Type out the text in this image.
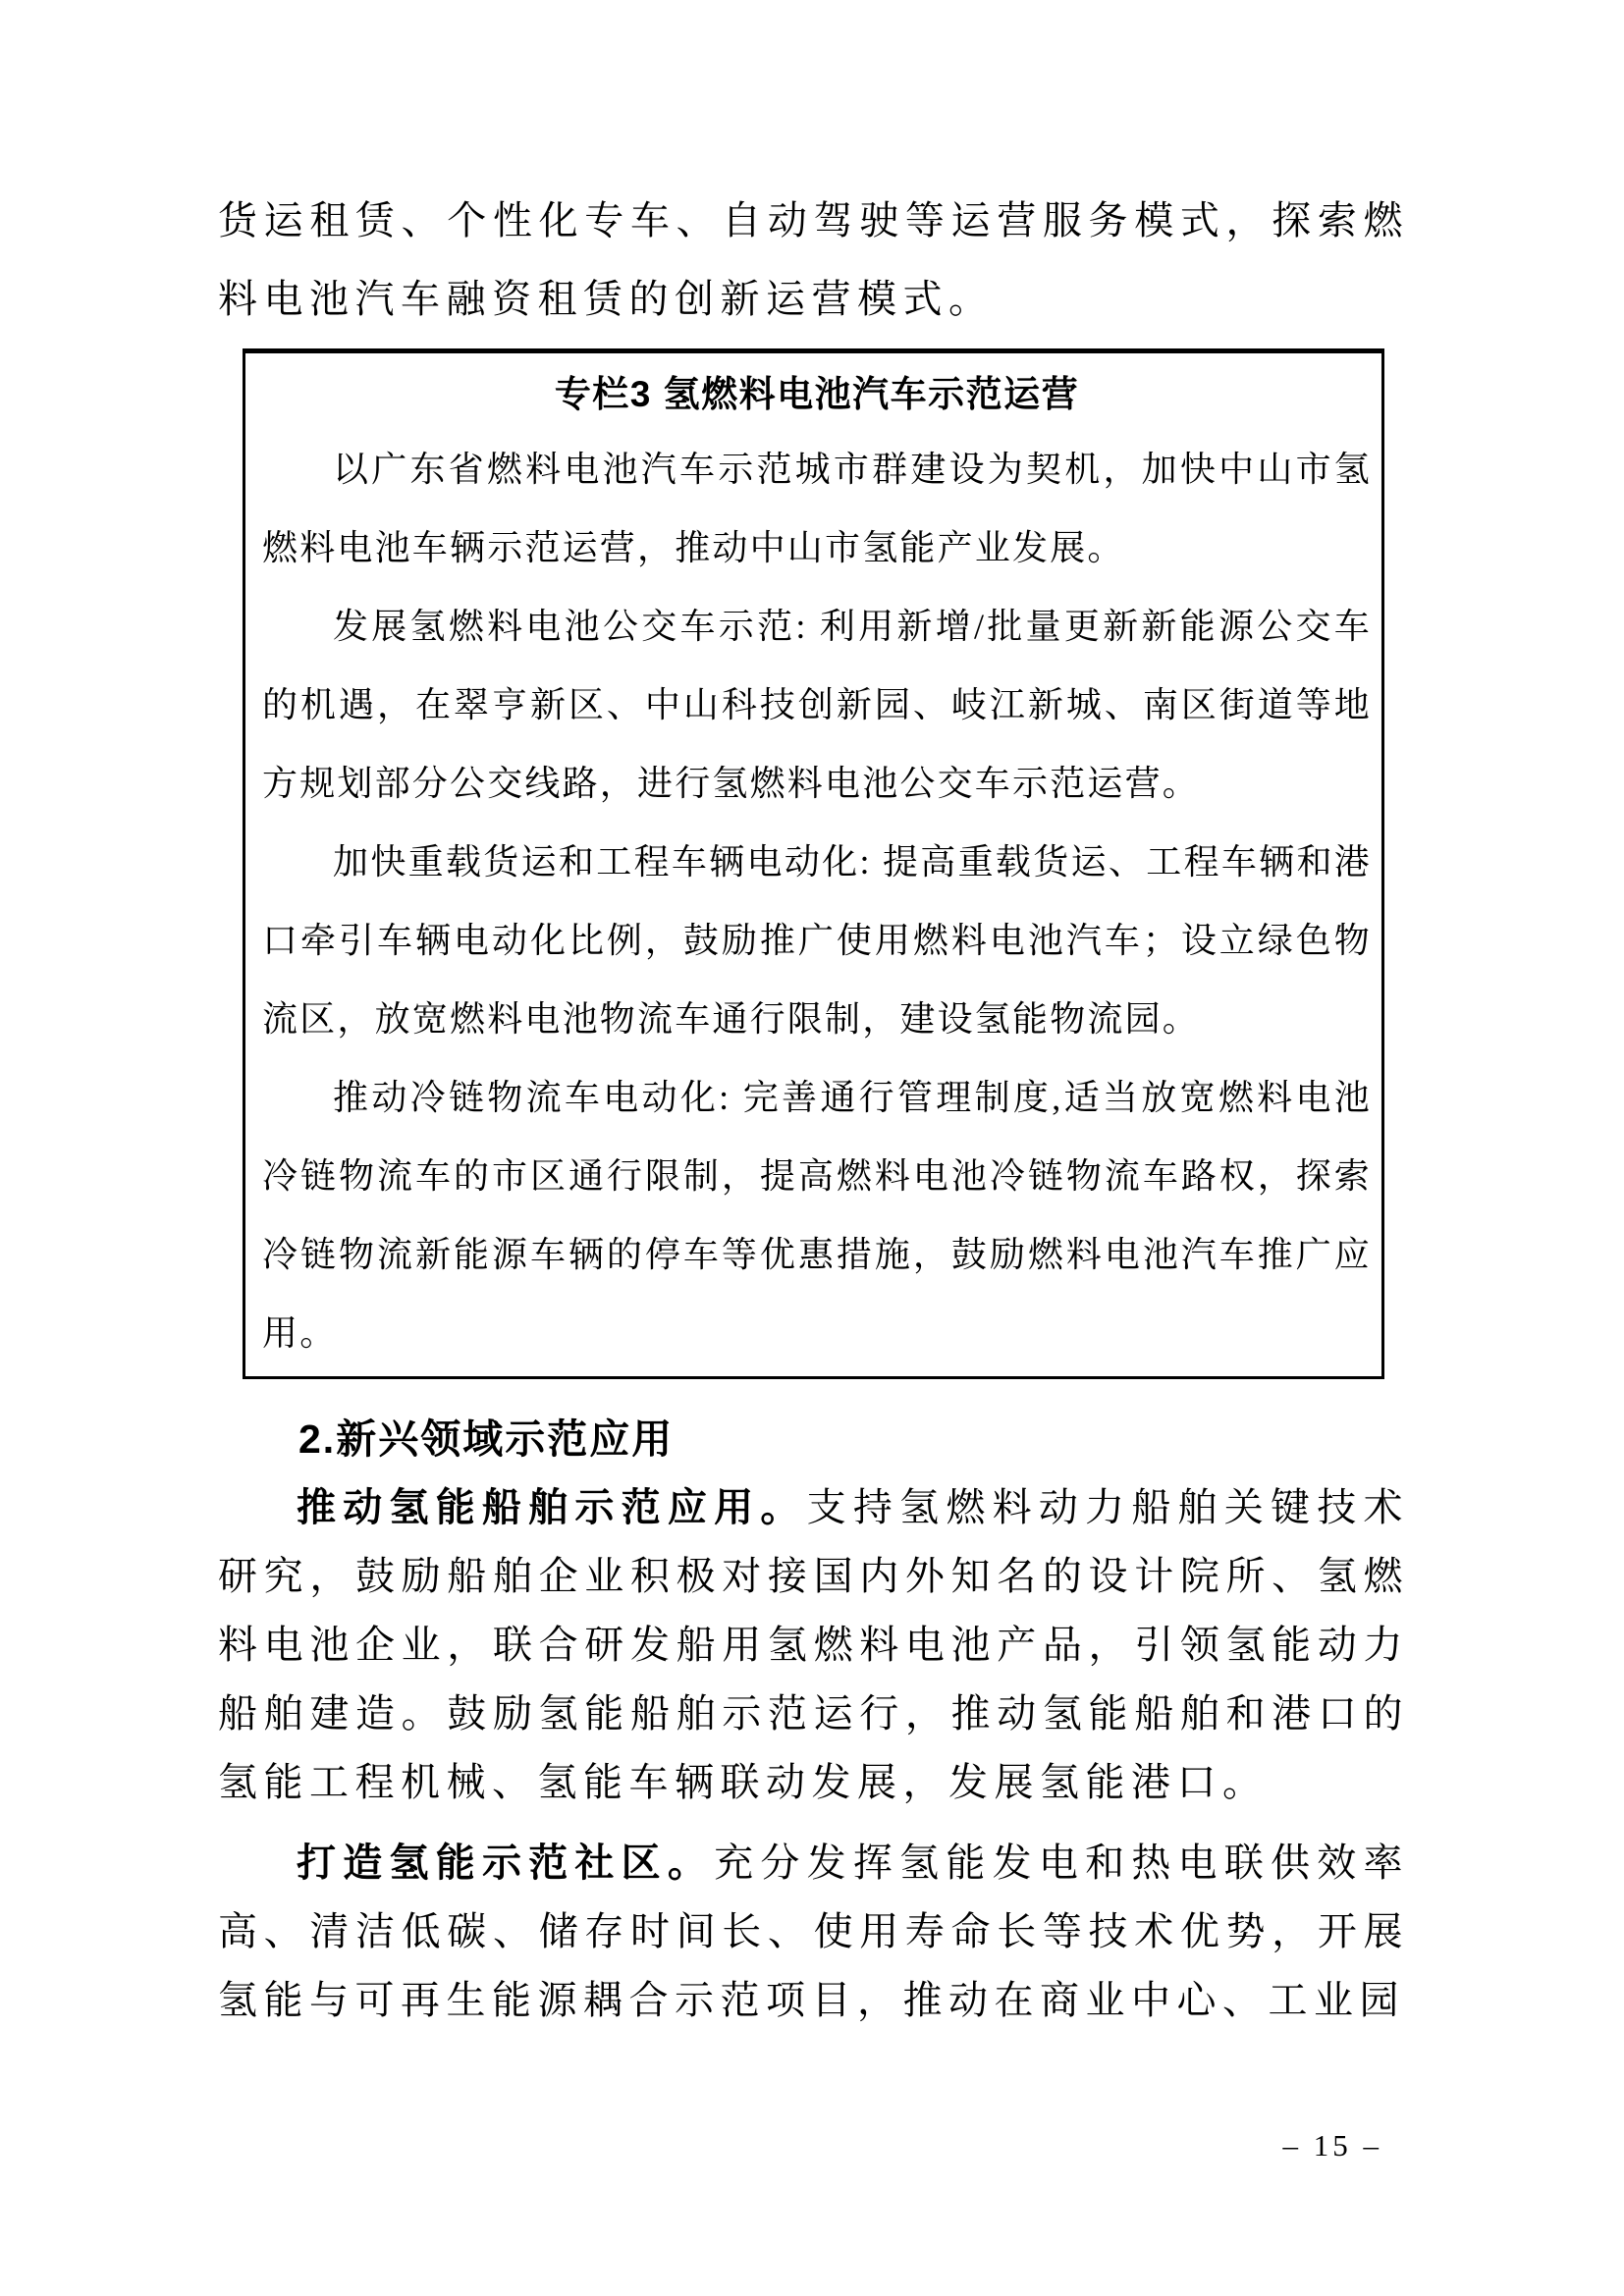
货运租赁、个性化专车、自动驾驶等运营服务模式，探索燃料电池汽车融资租赁的创新运营模式。

专栏3 氢燃料电池汽车示范运营

以广东省燃料电池汽车示范城市群建设为契机，加快中山市氢燃料电池车辆示范运营，推动中山市氢能产业发展。

发展氢燃料电池公交车示范: 利用新增/批量更新新能源公交车的机遇，在翠亨新区、中山科技创新园、岐江新城、南区街道等地方规划部分公交线路，进行氢燃料电池公交车示范运营。

加快重载货运和工程车辆电动化: 提高重载货运、工程车辆和港口牵引车辆电动化比例，鼓励推广使用燃料电池汽车；设立绿色物流区，放宽燃料电池物流车通行限制，建设氢能物流园。

推动冷链物流车电动化: 完善通行管理制度,适当放宽燃料电池冷链物流车的市区通行限制，提高燃料电池冷链物流车路权，探索冷链物流新能源车辆的停车等优惠措施，鼓励燃料电池汽车推广应用。

2.新兴领域示范应用

推动氢能船舶示范应用。支持氢燃料动力船舶关键技术研究，鼓励船舶企业积极对接国内外知名的设计院所、氢燃料电池企业，联合研发船用氢燃料电池产品，引领氢能动力船舶建造。鼓励氢能船舶示范运行，推动氢能船舶和港口的氢能工程机械、氢能车辆联动发展，发展氢能港口。

打造氢能示范社区。充分发挥氢能发电和热电联供效率高、清洁低碳、储存时间长、使用寿命长等技术优势，开展氢能与可再生能源耦合示范项目，推动在商业中心、工业园

– 15 –
